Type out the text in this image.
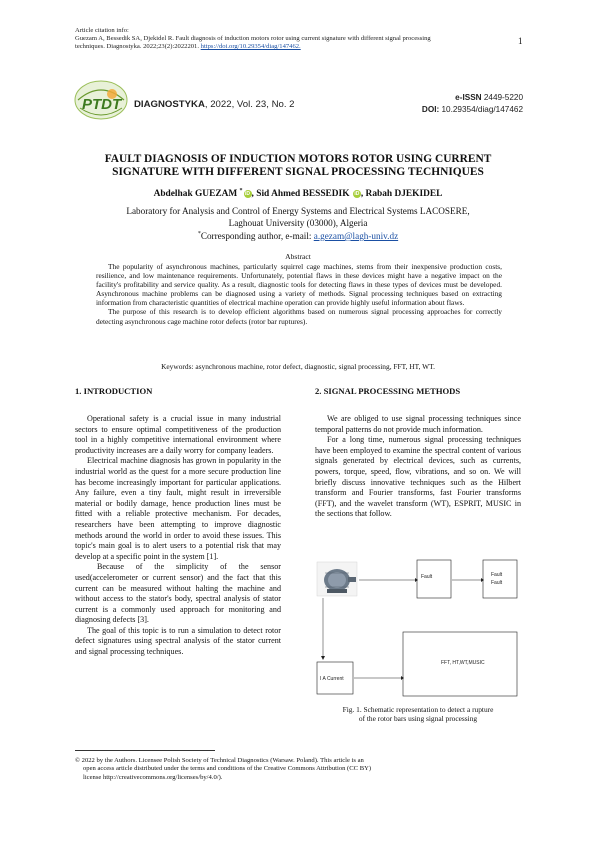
Article citation info:
Guezam A, Bessedik SA, Djekidel R. Fault diagnosis of induction motors rotor using current signature with different signal processing
techniques. Diagnostyka. 2022;23(2):2022201. https://doi.org/10.29354/diag/147462.
1
PTDT DIAGNOSTYKA, 2022, Vol. 23, No. 2
e-ISSN 2449-5220
DOI: 10.29354/diag/147462
FAULT DIAGNOSIS OF INDUCTION MOTORS ROTOR USING CURRENT
SIGNATURE WITH DIFFERENT SIGNAL PROCESSING TECHNIQUES
Abdelhak GUEZAM *iD , Sid Ahmed BESSEDIK iD , Rabah DJEKIDEL
Laboratory for Analysis and Control of Energy Systems and Electrical Systems LACOSERE,
Laghouat University (03000), Algeria
*Corresponding author, e-mail: a.gezam@lagh-univ.dz
Abstract

The popularity of asynchronous machines, particularly squirrel cage machines, stems from their inexpensive production costs, resilience, and low maintenance requirements. Unfortunately, potential flaws in these devices might have a negative impact on the facility's profitability and service quality. As a result, diagnostic tools for detecting flaws in these types of devices must be developed. Asynchronous machine problems can be diagnosed using a variety of methods. Signal processing techniques based on extracting information from characteristic quantities of electrical machine operation can provide highly useful information about flaws.

The purpose of this research is to develop efficient algorithms based on numerous signal processing approaches for correctly detecting asynchronous cage machine rotor defects (rotor bar ruptures).

Keywords: asynchronous machine, rotor defect, diagnostic, signal processing, FFT, HT, WT.
1. INTRODUCTION

Operational safety is a crucial issue in many industrial sectors to ensure optimal competitiveness of the production tool in a highly competitive international environment where productivity increases are a daily worry for company leaders.

Electrical machine diagnosis has grown in popularity in the industrial world as the quest for a more secure production line has become increasingly important for particular applications. Any failure, even a tiny fault, might result in irreversible material or bodily damage, hence production lines must be fitted with a reliable protective mechanism. For decades, researchers have been attempting to improve diagnostic methods around the world in order to avoid these issues. This topic's main goal is to alert users to a potential risk that may develop at a specific point in the system [1].

Because of the simplicity of the sensor used(accelerometer or current sensor) and the fact that this current can be measured without halting the machine and without access to the stator's body, spectral analysis of stator current is a commonly used approach for monitoring and diagnosing defects [3].

The goal of this topic is to run a simulation to detect rotor defect signatures using spectral analysis of the stator current and signal processing techniques.

2. SIGNAL PROCESSING METHODS

We are obliged to use signal processing techniques since temporal patterns do not provide much information.

For a long time, numerous signal processing techniques have been employed to examine the spectral content of various signals generated by electrical devices, such as currents, powers, torque, speed, flow, vibrations, and so on. We will briefly discuss innovative techniques such as the Hilbert transform and Fourier transforms, fast Fourier transforms (FFT), and the wavelet transform (WT), ESPRIT, MUSIC in the sections that follow.

Fault	Fault
Fault
I A Current
FFT, HT,WT,MUSIC
Fig. 1. Schematic representation to detect a rupture
of the rotor bars using signal processing
© 2022 by the Authors. Licensee Polish Society of Technical Diagnostics (Warsaw. Poland). This article is an
open access article distributed under the terms and conditions of the Creative Commons Attribution (CC BY)
license http://creativecommons.org/licenses/by/4.0/).
